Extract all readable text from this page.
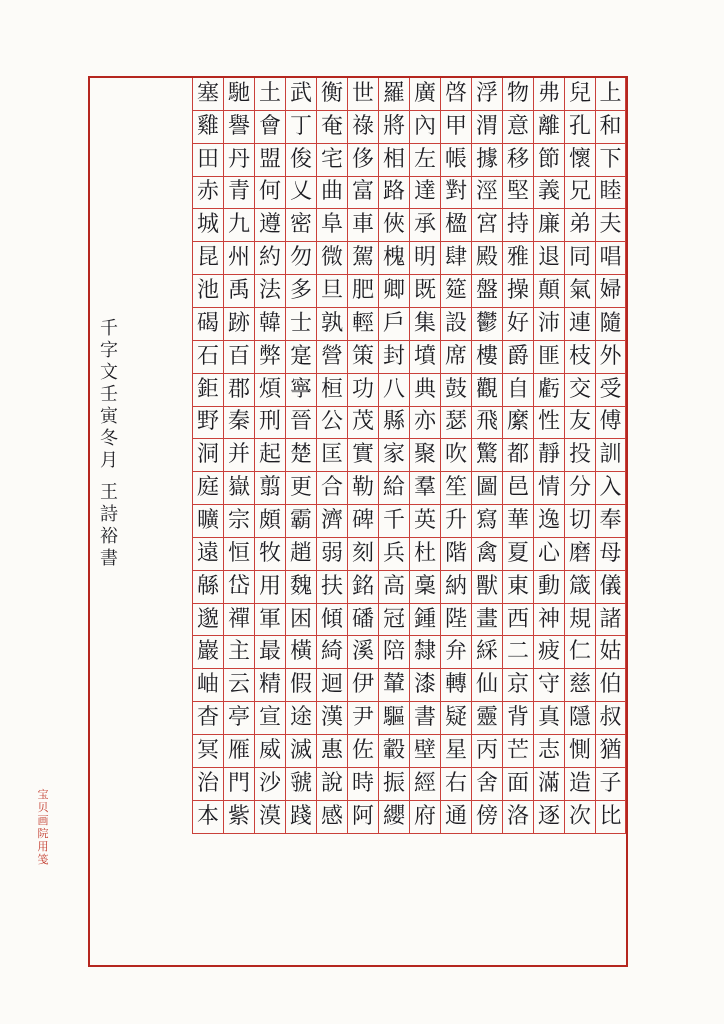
上
和
下
睦
夫
唱
婦
隨
外
受
傅
訓
入
奉
母
儀
諸
姑
伯
叔
猶
子
比
兒
孔
懷
兄
弟
同
氣
連
枝
交
友
投
分
切
磨
箴
規
仁
慈
隱
惻
造
次
弗
離
節
義
廉
退
顛
沛
匪
虧
性
靜
情
逸
心
動
神
疲
守
真
志
滿
逐
物
意
移
堅
持
雅
操
好
爵
自
縻
都
邑
華
夏
東
西
二
京
背
芒
面
洛
浮
渭
據
涇
宮
殿
盤
鬱
樓
觀
飛
驚
圖
寫
禽
獸
畫
綵
仙
靈
丙
舍
傍
啓
甲
帳
對
楹
肆
筵
設
席
鼓
瑟
吹
笙
升
階
納
陛
弁
轉
疑
星
右
通
廣
內
左
達
承
明
既
集
墳
典
亦
聚
羣
英
杜
稾
鍾
隸
漆
書
壁
經
府
羅
將
相
路
俠
槐
卿
戶
封
八
縣
家
給
千
兵
高
冠
陪
輦
驅
轂
振
纓
世
祿
侈
富
車
駕
肥
輕
策
功
茂
實
勒
碑
刻
銘
磻
溪
伊
尹
佐
時
阿
衡
奄
宅
曲
阜
微
旦
孰
營
桓
公
匡
合
濟
弱
扶
傾
綺
迴
漢
惠
說
感
武
丁
俊
乂
密
勿
多
士
寔
寧
晉
楚
更
霸
趙
魏
困
橫
假
途
滅
虢
踐
土
會
盟
何
遵
約
法
韓
弊
煩
刑
起
翦
頗
牧
用
軍
最
精
宣
威
沙
漠
馳
譽
丹
青
九
州
禹
跡
百
郡
秦
并
嶽
宗
恒
岱
禪
主
云
亭
雁
門
紫
塞
雞
田
赤
城
昆
池
碣
石
鉅
野
洞
庭
曠
遠
緜
邈
巖
岫
杳
冥
治
本
千
字
文
壬
寅
冬
月
王
詩
裕
書
宝
贝
画
院
用
笺
